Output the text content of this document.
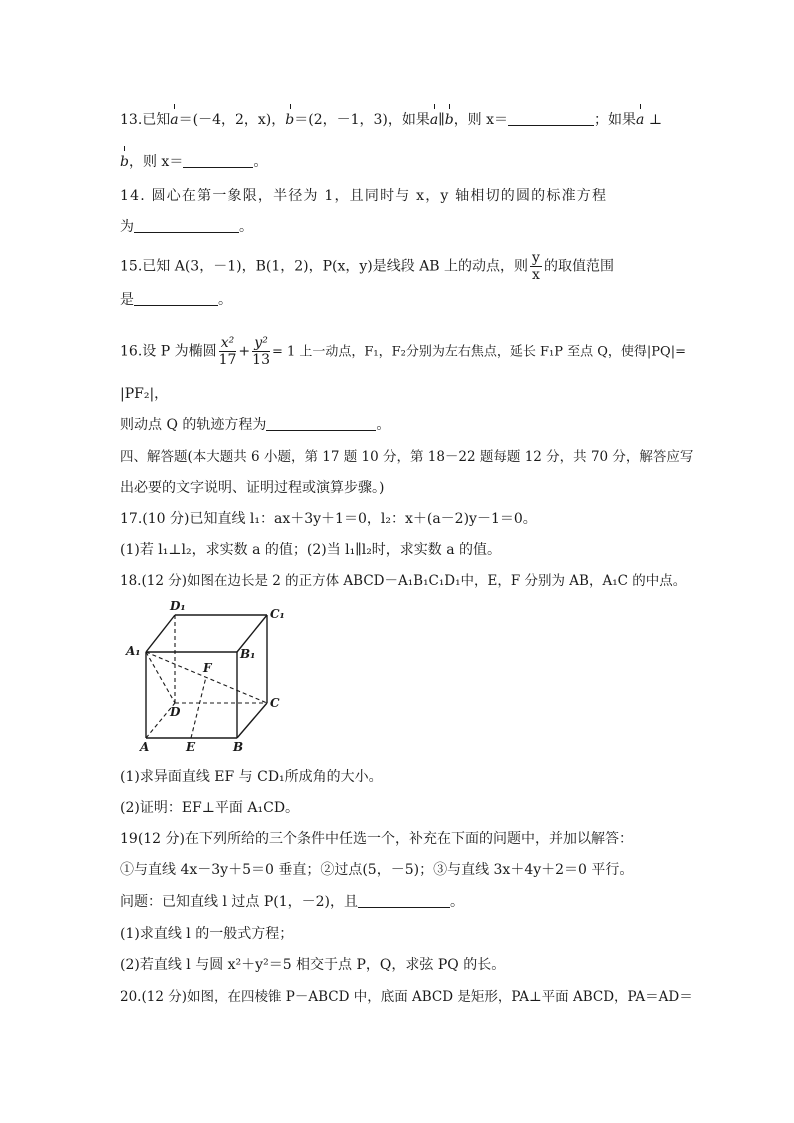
13.已知a＝(－4，2，x)，b＝(2，－1，3)，如果a∥b，则 x＝	；如果a ⊥
b，则 x＝	。
14. 圆心在第一象限，半径为 1，且同时与 x，y 轴相切的圆的标准方程
为	。
15.已知 A(3，－1)，B(1，2)，P(x，y)是线段 AB 上的动点，则 $\frac{y}{x}$ 的取值范围
是	。
16.设 P 为椭圆 $\frac{\text{x²}}{17} + \frac{\text{y²}}{13} = 1$ 上一动点，F₁，F₂分别为左右焦点，延长 F₁P 至点 Q，使得|PQ|=
|PF₂|，
则动点 Q 的轨迹方程为	。
四、解答题(本大题共 6 小题，第 17 题 10 分，第 18－22 题每题 12 分，共 70 分，解答应写
出必要的文字说明、证明过程或演算步骤。)
17.(10 分)已知直线 l₁：ax＋3y＋1＝0，l₂：x＋(a－2)y－1＝0。
(1)若 l₁⊥l₂，求实数 a 的值；(2)当 l₁∥l₂时，求实数 a 的值。
18.(12 分)如图在边长是 2 的正方体 ABCD－A₁B₁C₁D₁中，E，F 分别为 AB，A₁C 的中点。
D₁
C₁
A₁	B₁
F
D
C
A	E	B
(1)求异面直线 EF 与 CD₁所成角的大小。
(2)证明：EF⊥平面 A₁CD。
19(12 分)在下列所给的三个条件中任选一个，补充在下面的问题中，并加以解答：
①与直线 4x－3y＋5＝0 垂直；②过点(5，－5)；③与直线 3x＋4y＋2＝0 平行。
问题：已知直线 l 过点 P(1，－2)，且	。
(1)求直线 l 的一般式方程；
(2)若直线 l 与圆 x²＋y²＝5 相交于点 P，Q，求弦 PQ 的长。
20.(12 分)如图，在四棱锥 P－ABCD 中，底面 ABCD 是矩形，PA⊥平面 ABCD，PA＝AD＝
